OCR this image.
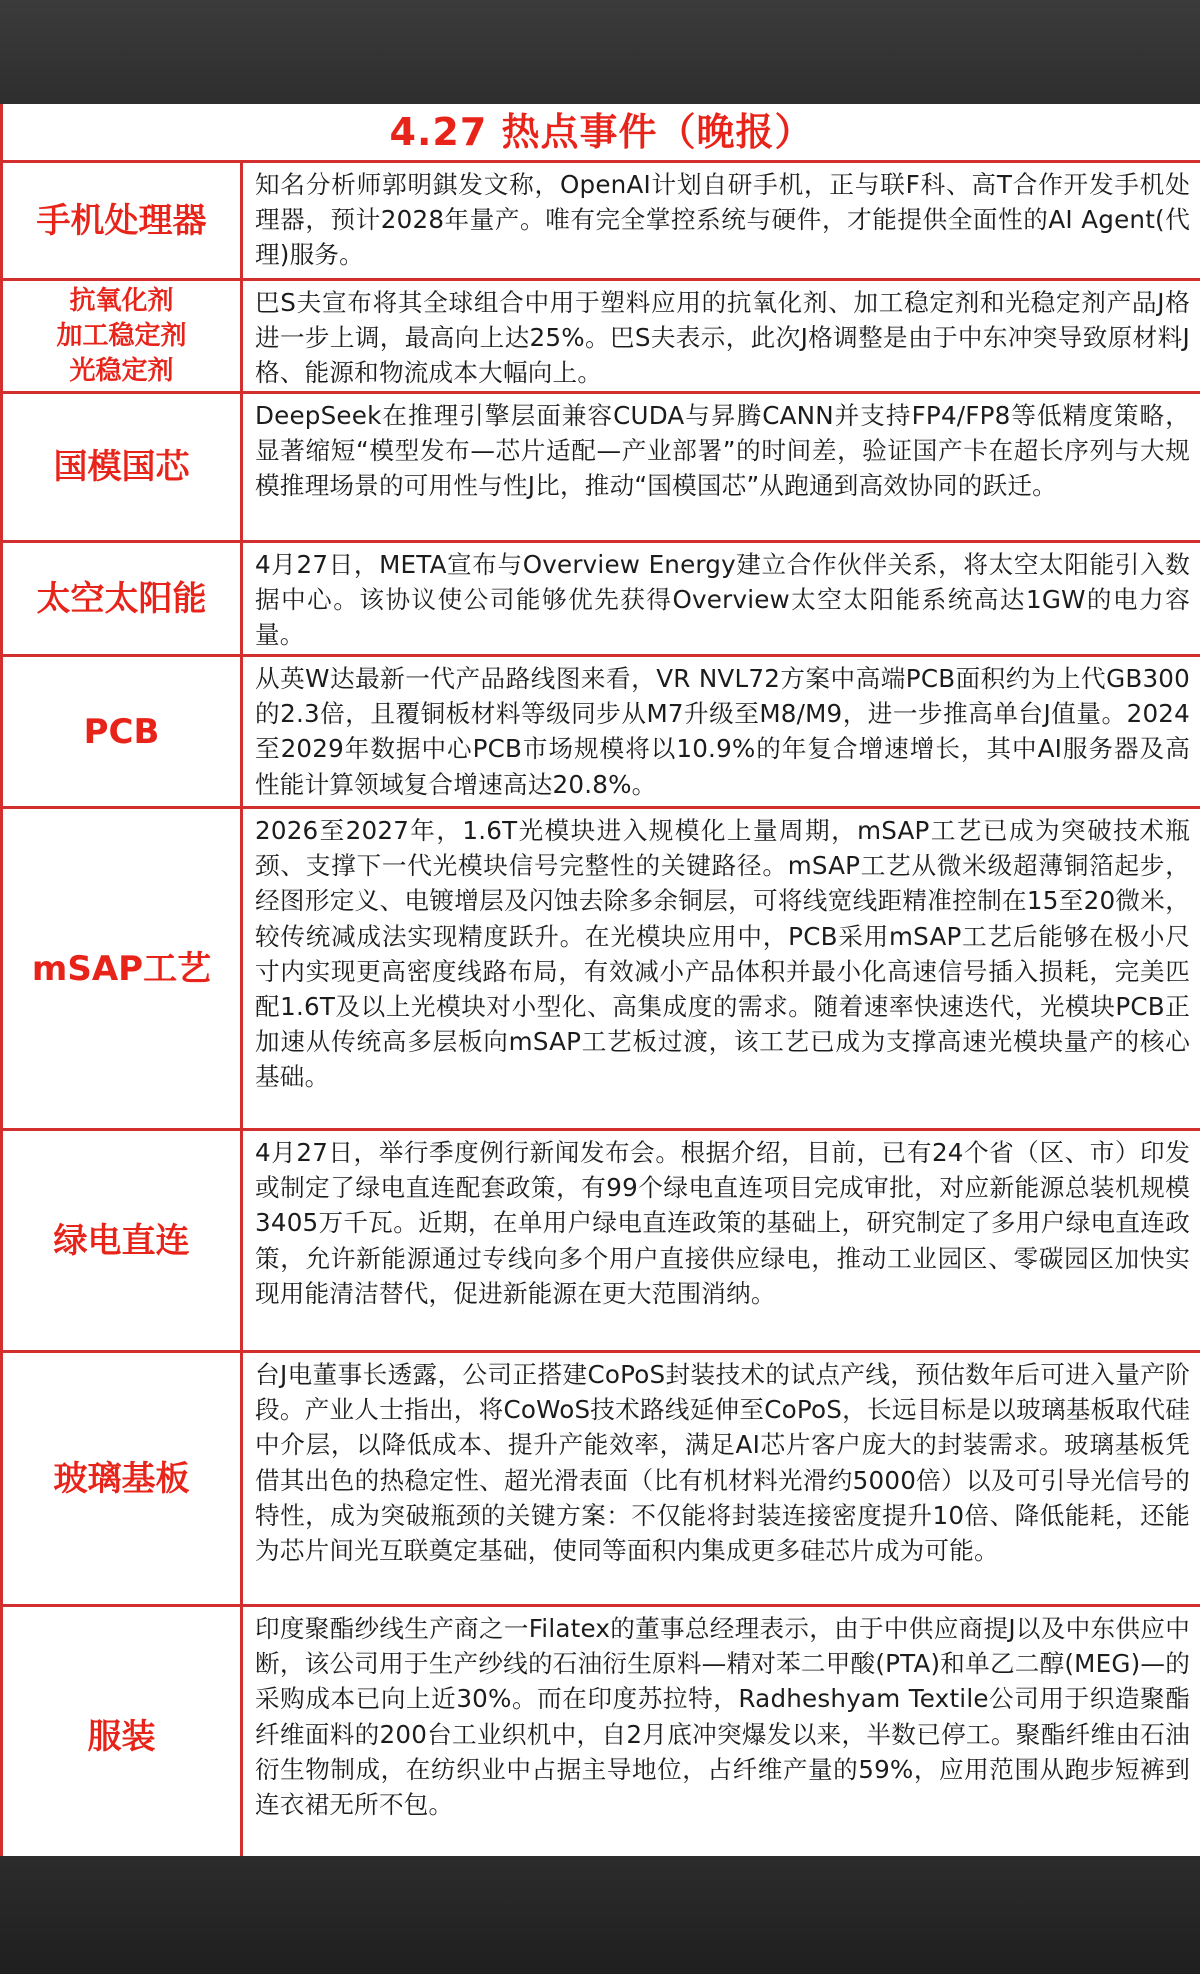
4.27 热点事件（晚报）
手机处理器
知名分析师郭明錤发文称，OpenAI计划自研手机，正与联F科、高T合作开发手机处理器，预计2028年量产。唯有完全掌控系统与硬件，才能提供全面性的AI Agent(代理)服务。
抗氧化剂
加工稳定剂
光稳定剂
巴S夫宣布将其全球组合中用于塑料应用的抗氧化剂、加工稳定剂和光稳定剂产品J格进一步上调，最高向上达25%。巴S夫表示，此次J格调整是由于中东冲突导致原材料J格、能源和物流成本大幅向上。
国模国芯
DeepSeek在推理引擎层面兼容CUDA与昇腾CANN并支持FP4/FP8等低精度策略，显著缩短“模型发布—芯片适配—产业部署”的时间差，验证国产卡在超长序列与大规模推理场景的可用性与性J比，推动“国模国芯”从跑通到高效协同的跃迁。
太空太阳能
4月27日，META宣布与Overview Energy建立合作伙伴关系，将太空太阳能引入数据中心。该协议使公司能够优先获得Overview太空太阳能系统高达1GW的电力容量。
PCB
从英W达最新一代产品路线图来看，VR NVL72方案中高端PCB面积约为上代GB300的2.3倍，且覆铜板材料等级同步从M7升级至M8/M9，进一步推高单台J值量。2024至2029年数据中心PCB市场规模将以10.9%的年复合增速增长，其中AI服务器及高性能计算领域复合增速高达20.8%。
mSAP工艺
2026至2027年，1.6T光模块进入规模化上量周期，mSAP工艺已成为突破技术瓶颈、支撑下一代光模块信号完整性的关键路径。mSAP工艺从微米级超薄铜箔起步，经图形定义、电镀增层及闪蚀去除多余铜层，可将线宽线距精准控制在15至20微米，较传统减成法实现精度跃升。在光模块应用中，PCB采用mSAP工艺后能够在极小尺寸内实现更高密度线路布局，有效减小产品体积并最小化高速信号插入损耗，完美匹配1.6T及以上光模块对小型化、高集成度的需求。随着速率快速迭代，光模块PCB正加速从传统高多层板向mSAP工艺板过渡，该工艺已成为支撑高速光模块量产的核心基础。
绿电直连
4月27日，举行季度例行新闻发布会。根据介绍，目前，已有24个省（区、市）印发或制定了绿电直连配套政策，有99个绿电直连项目完成审批，对应新能源总装机规模3405万千瓦。近期，在单用户绿电直连政策的基础上，研究制定了多用户绿电直连政策，允许新能源通过专线向多个用户直接供应绿电，推动工业园区、零碳园区加快实现用能清洁替代，促进新能源在更大范围消纳。
玻璃基板
台J电董事长透露，公司正搭建CoPoS封装技术的试点产线，预估数年后可进入量产阶段。产业人士指出，将CoWoS技术路线延伸至CoPoS，长远目标是以玻璃基板取代硅中介层，以降低成本、提升产能效率，满足AI芯片客户庞大的封装需求。玻璃基板凭借其出色的热稳定性、超光滑表面（比有机材料光滑约5000倍）以及可引导光信号的特性，成为突破瓶颈的关键方案：不仅能将封装连接密度提升10倍、降低能耗，还能为芯片间光互联奠定基础，使同等面积内集成更多硅芯片成为可能。
服装
印度聚酯纱线生产商之一Filatex的董事总经理表示，由于中供应商提J以及中东供应中断，该公司用于生产纱线的石油衍生原料—精对苯二甲酸(PTA)和单乙二醇(MEG)—的采购成本已向上近30%。而在印度苏拉特，Radheshyam Textile公司用于织造聚酯纤维面料的200台工业织机中，自2月底冲突爆发以来，半数已停工。聚酯纤维由石油衍生物制成，在纺织业中占据主导地位，占纤维产量的59%，应用范围从跑步短裤到连衣裙无所不包。
